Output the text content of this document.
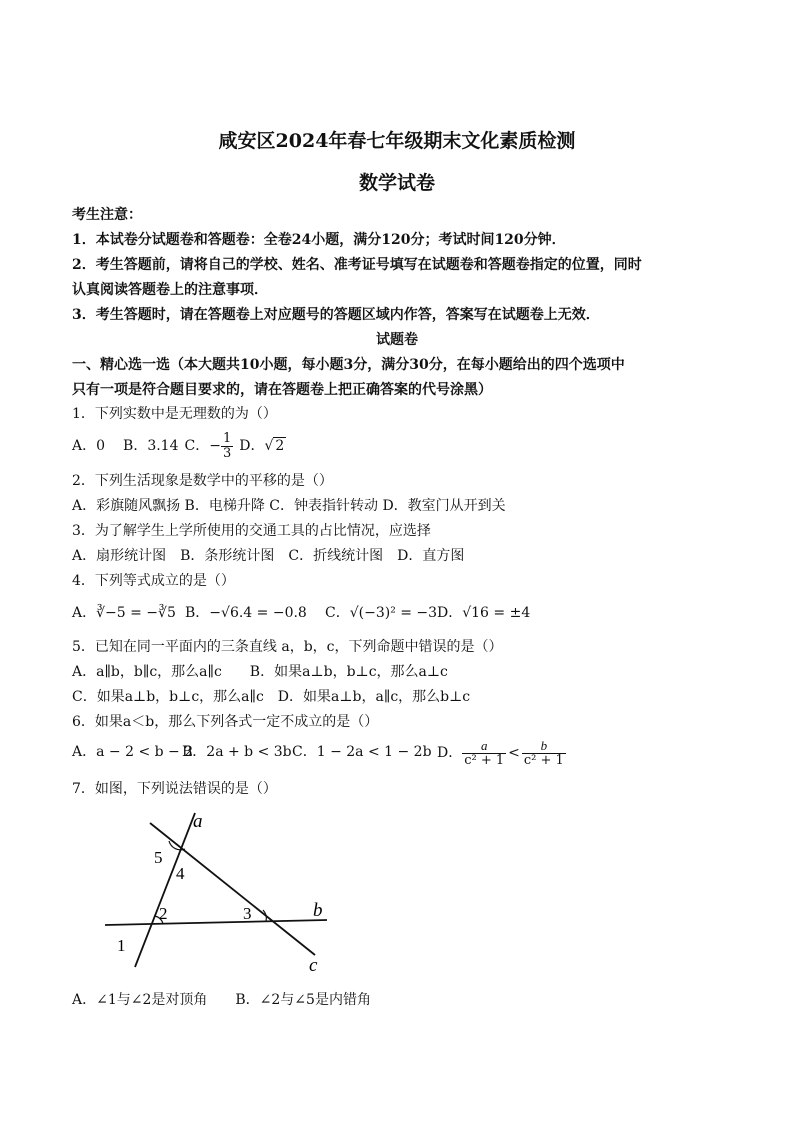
咸安区2024年春七年级期末文化素质检测
数学试卷
考生注意：
1．本试卷分试题卷和答题卷：全卷24小题，满分120分；考试时间120分钟．
2．考生答题前，请将自己的学校、姓名、准考证号填写在试题卷和答题卷指定的位置，同时
认真阅读答题卷上的注意事项．
3．考生答题时，请在答题卷上对应题号的答题区域内作答，答案写在试题卷上无效．
试题卷
一、精心选一选（本大题共10小题，每小题3分，满分30分，在每小题给出的四个选项中
只有一项是符合题目要求的，请在答题卷上把正确答案的代号涂黑）
1．下列实数中是无理数的为（）
A．0 B．3.14 C．− $\frac{1}{3}$ D． √ 2
2．下列生活现象是数学中的平移的是（）
A．彩旗随风飘扬 B．电梯升降 C．钟表指针转动 D．教室门从开到关
3．为了解学生上学所使用的交通工具的占比情况，应选择
A．扇形统计图　B．条形统计图　C．折线统计图　D．直方图
4．下列等式成立的是（）
A．∛−5 = −∛5 B．−√6.4 = −0.8 C．√(−3)² = −3 D．√16 = ±4
5．已知在同一平面内的三条直线 a，b，c，下列命题中错误的是（）
A．a∥b，b∥c，那么a∥c　　B．如果a⊥b，b⊥c，那么a⊥c
C．如果a⊥b，b⊥c，那么a∥c　D．如果a⊥b，a∥c，那么b⊥c
6．如果a＜b，那么下列各式一定不成立的是（）
A．a − 2 < b − 2
B．2a + b < 3b C．1 − 2a < 1 − 2b D． $\frac{a}{\text{c² + 1}} < \frac{b}{\text{c² + 1}}$
7．如图，下列说法错误的是（）
a
b
c
5
4
2	3
1
A．∠1与∠2是对顶角　　B．∠2与∠5是内错角
